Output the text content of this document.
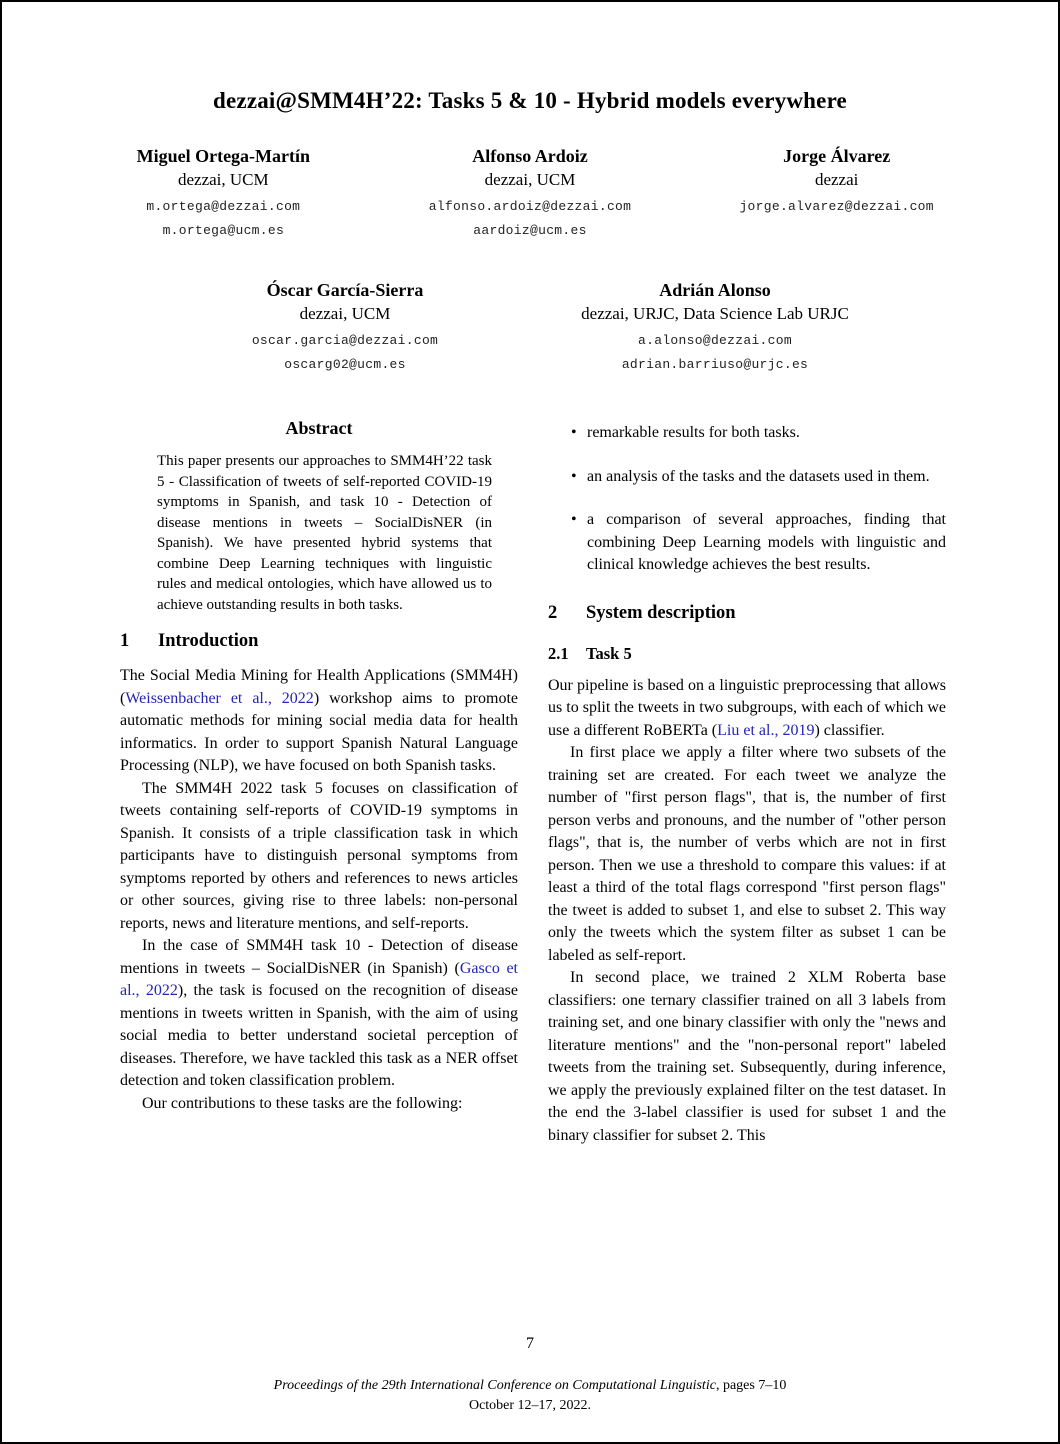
dezzai@SMM4H’22: Tasks 5 & 10 - Hybrid models everywhere
Miguel Ortega-Martín
dezzai, UCM
m.ortega@dezzai.com
m.ortega@ucm.es
Alfonso Ardoiz
dezzai, UCM
alfonso.ardoiz@dezzai.com
aardoiz@ucm.es
Jorge Álvarez
dezzai
jorge.alvarez@dezzai.com
Óscar García-Sierra
dezzai, UCM
oscar.garcia@dezzai.com
oscarg02@ucm.es
Adrián Alonso
dezzai, URJC, Data Science Lab URJC
a.alonso@dezzai.com
adrian.barriuso@urjc.es
Abstract

This paper presents our approaches to SMM4H’22 task 5 - Classification of tweets of self-reported COVID-19 symptoms in Spanish, and task 10 - Detection of disease mentions in tweets – SocialDisNER (in Spanish). We have presented hybrid systems that combine Deep Learning techniques with linguistic rules and medical ontologies, which have allowed us to achieve outstanding results in both tasks.

1 Introduction

The Social Media Mining for Health Applications (SMM4H) (Weissenbacher et al., 2022) workshop aims to promote automatic methods for mining social media data for health informatics. In order to support Spanish Natural Language Processing (NLP), we have focused on both Spanish tasks.

The SMM4H 2022 task 5 focuses on classification of tweets containing self-reports of COVID-19 symptoms in Spanish. It consists of a triple classification task in which participants have to distinguish personal symptoms from symptoms reported by others and references to news articles or other sources, giving rise to three labels: non-personal reports, news and literature mentions, and self-reports.

In the case of SMM4H task 10 - Detection of disease mentions in tweets – SocialDisNER (in Spanish) (Gasco et al., 2022), the task is focused on the recognition of disease mentions in tweets written in Spanish, with the aim of using social media to better understand societal perception of diseases. Therefore, we have tackled this task as a NER offset detection and token classification problem.

Our contributions to these tasks are the following:

• remarkable results for both tasks.
• an analysis of the tasks and the datasets used in them.
• a comparison of several approaches, finding that combining Deep Learning models with linguistic and clinical knowledge achieves the best results.
2 System description
2.1 Task 5

Our pipeline is based on a linguistic preprocessing that allows us to split the tweets in two subgroups, with each of which we use a different RoBERTa (Liu et al., 2019) classifier.

In first place we apply a filter where two subsets of the training set are created. For each tweet we analyze the number of "first person flags", that is, the number of first person verbs and pronouns, and the number of "other person flags", that is, the number of verbs which are not in first person. Then we use a threshold to compare this values: if at least a third of the total flags correspond "first person flags" the tweet is added to subset 1, and else to subset 2. This way only the tweets which the system filter as subset 1 can be labeled as self-report.

In second place, we trained 2 XLM Roberta base classifiers: one ternary classifier trained on all 3 labels from training set, and one binary classifier with only the "news and literature mentions" and the "non-personal report" labeled tweets from the training set. Subsequently, during inference, we apply the previously explained filter on the test dataset. In the end the 3-label classifier is used for subset 1 and the binary classifier for subset 2. This

7
Proceedings of the 29th International Conference on Computational Linguistic, pages 7–10
October 12–17, 2022.
